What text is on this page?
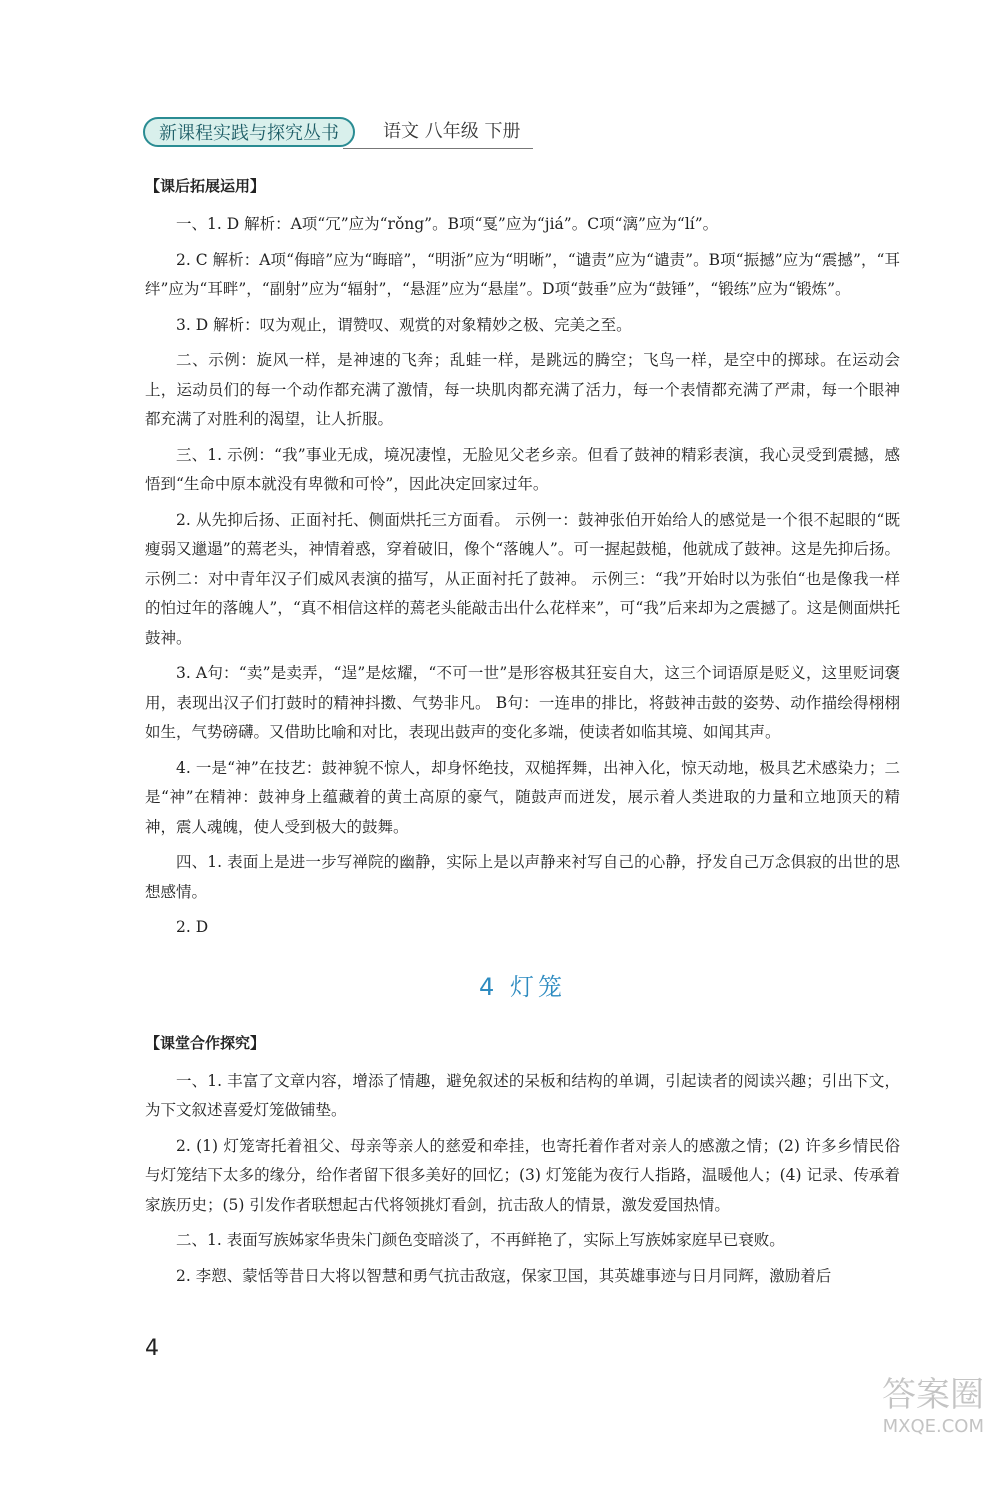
新课程实践与探究丛书	语文 八年级 下册
【课后拓展运用】

一、1. D 解析：A项“冗”应为“rǒng”。B项“戛”应为“jiá”。C项“漓”应为“lí”。

2. C 解析：A项“侮暗”应为“晦暗”，“明浙”应为“明晰”，“谴责”应为“谴责”。B项“振撼”应为“震撼”，“耳绊”应为“耳畔”，“副射”应为“辐射”，“悬涯”应为“悬崖”。D项“鼓垂”应为“鼓锤”，“锻练”应为“锻炼”。

3. D 解析：叹为观止，谓赞叹、观赏的对象精妙之极、完美之至。

二、示例：旋风一样，是神速的飞奔；乱蛙一样，是跳远的腾空；飞鸟一样，是空中的掷球。在运动会上，运动员们的每一个动作都充满了激情，每一块肌肉都充满了活力，每一个表情都充满了严肃，每一个眼神都充满了对胜利的渴望，让人折服。

三、1. 示例：“我”事业无成，境况凄惶，无脸见父老乡亲。但看了鼓神的精彩表演，我心灵受到震撼，感悟到“生命中原本就没有卑微和可怜”，因此决定回家过年。

2. 从先抑后扬、正面衬托、侧面烘托三方面看。 示例一：鼓神张伯开始给人的感觉是一个很不起眼的“既瘦弱又邋遢”的蔫老头，神情着惑，穿着破旧，像个“落魄人”。可一握起鼓槌，他就成了鼓神。这是先抑后扬。 示例二：对中青年汉子们威风表演的描写，从正面衬托了鼓神。 示例三：“我”开始时以为张伯“也是像我一样的怕过年的落魄人”，“真不相信这样的蔫老头能敲击出什么花样来”，可“我”后来却为之震撼了。这是侧面烘托鼓神。

3. A句：“卖”是卖弄，“逞”是炫耀，“不可一世”是形容极其狂妄自大，这三个词语原是贬义，这里贬词褒用，表现出汉子们打鼓时的精神抖擞、气势非凡。 B句：一连串的排比，将鼓神击鼓的姿势、动作描绘得栩栩如生，气势磅礴。又借助比喻和对比，表现出鼓声的变化多端，使读者如临其境、如闻其声。

4. 一是“神”在技艺：鼓神貌不惊人，却身怀绝技，双槌挥舞，出神入化，惊天动地，极具艺术感染力；二是“神”在精神：鼓神身上蕴藏着的黄土高原的豪气，随鼓声而迸发，展示着人类进取的力量和立地顶天的精神，震人魂魄，使人受到极大的鼓舞。

四、1. 表面上是进一步写禅院的幽静，实际上是以声静来衬写自己的心静，抒发自己万念俱寂的出世的思想感情。

2. D

4 灯笼
【课堂合作探究】

一、1. 丰富了文章内容，增添了情趣，避免叙述的呆板和结构的单调，引起读者的阅读兴趣；引出下文，为下文叙述喜爱灯笼做铺垫。

2. (1) 灯笼寄托着祖父、母亲等亲人的慈爱和牵挂，也寄托着作者对亲人的感激之情；(2) 许多乡情民俗与灯笼结下太多的缘分，给作者留下很多美好的回忆；(3) 灯笼能为夜行人指路，温暖他人；(4) 记录、传承着家族历史；(5) 引发作者联想起古代将领挑灯看剑，抗击敌人的情景，激发爱国热情。

二、1. 表面写族姊家华贵朱门颜色变暗淡了，不再鲜艳了，实际上写族姊家庭早已衰败。

2. 李愬、蒙恬等昔日大将以智慧和勇气抗击敌寇，保家卫国，其英雄事迹与日月同辉，激励着后

4
答案圈
MXQE.COM
